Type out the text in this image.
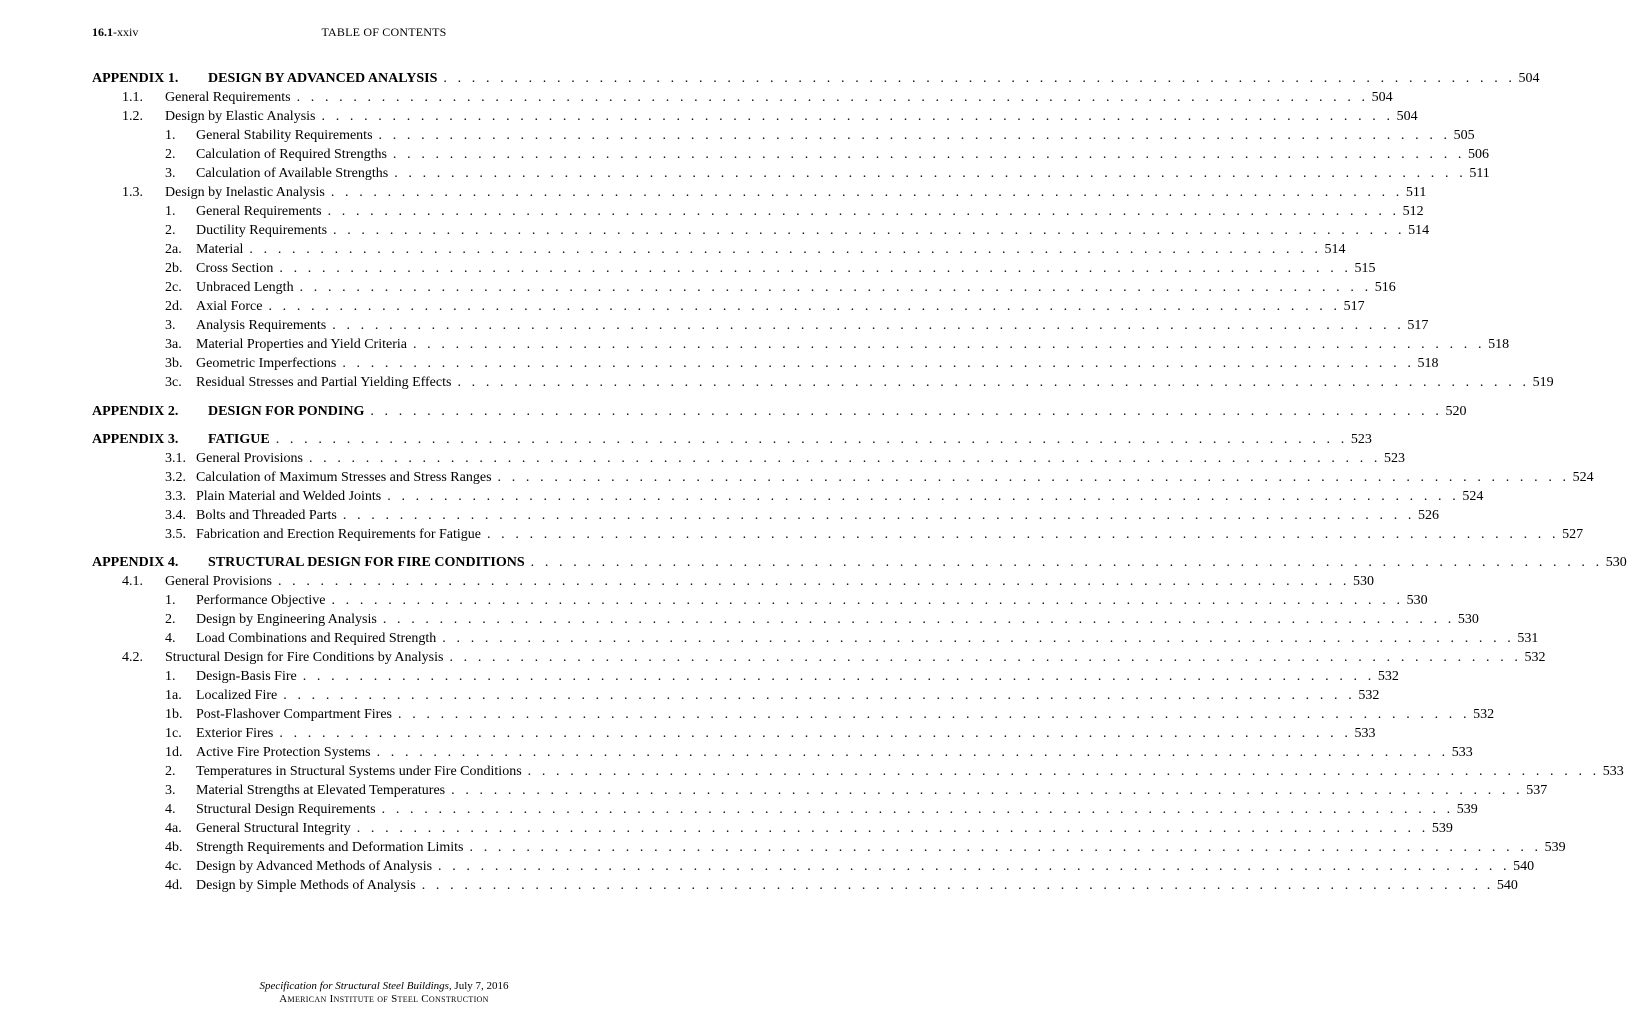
16.1-xxiv	TABLE OF CONTENTS
APPENDIX 1. DESIGN BY ADVANCED ANALYSIS . . . . . . . . . . . . . . . . . . . . . . . . . . . . . . . . . . . . . . . . . . . . . . . . . . . . . . . . . . . . . . . . . . . . . . . . . . . . 504
1.1. General Requirements . . . . . . . . . . . . . . . . . . . . . . . . . . . . . . . . . . . . . . . . . . . . . . . . . . . . . . . . . . . . . . . . . . . . . . . . . . . . 504
1.2. Design by Elastic Analysis . . . . . . . . . . . . . . . . . . . . . . . . . . . . . . . . . . . . . . . . . . . . . . . . . . . . . . . . . . . . . . . . . . . . . . . . . . . . 504
1. General Stability Requirements . . . . . . . . . . . . . . . . . . . . . . . . . . . . . . . . . . . . . . . . . . . . . . . . . . . . . . . . . . . . . . . . . . . . . . . . . . . . 505
2. Calculation of Required Strengths . . . . . . . . . . . . . . . . . . . . . . . . . . . . . . . . . . . . . . . . . . . . . . . . . . . . . . . . . . . . . . . . . . . . . . . . . . . . 506
3. Calculation of Available Strengths . . . . . . . . . . . . . . . . . . . . . . . . . . . . . . . . . . . . . . . . . . . . . . . . . . . . . . . . . . . . . . . . . . . . . . . . . . . . 511
1.3. Design by Inelastic Analysis . . . . . . . . . . . . . . . . . . . . . . . . . . . . . . . . . . . . . . . . . . . . . . . . . . . . . . . . . . . . . . . . . . . . . . . . . . . . 511
1. General Requirements . . . . . . . . . . . . . . . . . . . . . . . . . . . . . . . . . . . . . . . . . . . . . . . . . . . . . . . . . . . . . . . . . . . . . . . . . . . . 512
2. Ductility Requirements . . . . . . . . . . . . . . . . . . . . . . . . . . . . . . . . . . . . . . . . . . . . . . . . . . . . . . . . . . . . . . . . . . . . . . . . . . . . 514
2a. Material . . . . . . . . . . . . . . . . . . . . . . . . . . . . . . . . . . . . . . . . . . . . . . . . . . . . . . . . . . . . . . . . . . . . . . . . . . . . 514
2b. Cross Section . . . . . . . . . . . . . . . . . . . . . . . . . . . . . . . . . . . . . . . . . . . . . . . . . . . . . . . . . . . . . . . . . . . . . . . . . . . . 515
2c. Unbraced Length . . . . . . . . . . . . . . . . . . . . . . . . . . . . . . . . . . . . . . . . . . . . . . . . . . . . . . . . . . . . . . . . . . . . . . . . . . . . 516
2d. Axial Force . . . . . . . . . . . . . . . . . . . . . . . . . . . . . . . . . . . . . . . . . . . . . . . . . . . . . . . . . . . . . . . . . . . . . . . . . . . . 517
3. Analysis Requirements . . . . . . . . . . . . . . . . . . . . . . . . . . . . . . . . . . . . . . . . . . . . . . . . . . . . . . . . . . . . . . . . . . . . . . . . . . . . 517
3a. Material Properties and Yield Criteria . . . . . . . . . . . . . . . . . . . . . . . . . . . . . . . . . . . . . . . . . . . . . . . . . . . . . . . . . . . . . . . . . . . . . . . . . . . . 518
3b. Geometric Imperfections . . . . . . . . . . . . . . . . . . . . . . . . . . . . . . . . . . . . . . . . . . . . . . . . . . . . . . . . . . . . . . . . . . . . . . . . . . . . 518
3c. Residual Stresses and Partial Yielding Effects . . . . . . . . . . . . . . . . . . . . . . . . . . . . . . . . . . . . . . . . . . . . . . . . . . . . . . . . . . . . . . . . . . . . . . . . . . . . 519
APPENDIX 2. DESIGN FOR PONDING . . . . . . . . . . . . . . . . . . . . . . . . . . . . . . . . . . . . . . . . . . . . . . . . . . . . . . . . . . . . . . . . . . . . . . . . . . . . 520
APPENDIX 3. FATIGUE . . . . . . . . . . . . . . . . . . . . . . . . . . . . . . . . . . . . . . . . . . . . . . . . . . . . . . . . . . . . . . . . . . . . . . . . . . . . 523
3.1. General Provisions . . . . . . . . . . . . . . . . . . . . . . . . . . . . . . . . . . . . . . . . . . . . . . . . . . . . . . . . . . . . . . . . . . . . . . . . . . . . 523
3.2. Calculation of Maximum Stresses and Stress Ranges . . . . . . . . . . . . . . . . . . . . . . . . . . . . . . . . . . . . . . . . . . . . . . . . . . . . . . . . . . . . . . . . . . . . . . . . . . . . 524
3.3. Plain Material and Welded Joints . . . . . . . . . . . . . . . . . . . . . . . . . . . . . . . . . . . . . . . . . . . . . . . . . . . . . . . . . . . . . . . . . . . . . . . . . . . . 524
3.4. Bolts and Threaded Parts . . . . . . . . . . . . . . . . . . . . . . . . . . . . . . . . . . . . . . . . . . . . . . . . . . . . . . . . . . . . . . . . . . . . . . . . . . . . 526
3.5. Fabrication and Erection Requirements for Fatigue . . . . . . . . . . . . . . . . . . . . . . . . . . . . . . . . . . . . . . . . . . . . . . . . . . . . . . . . . . . . . . . . . . . . . . . . . . . . 527
APPENDIX 4. STRUCTURAL DESIGN FOR FIRE CONDITIONS . . . . . . . . . . . . . . . . . . . . . . . . . . . . . . . . . . . . . . . . . . . . . . . . . . . . . . . . . . . . . . . . . . . . . . . . . . . . 530
4.1. General Provisions . . . . . . . . . . . . . . . . . . . . . . . . . . . . . . . . . . . . . . . . . . . . . . . . . . . . . . . . . . . . . . . . . . . . . . . . . . . . 530
1. Performance Objective . . . . . . . . . . . . . . . . . . . . . . . . . . . . . . . . . . . . . . . . . . . . . . . . . . . . . . . . . . . . . . . . . . . . . . . . . . . . 530
2. Design by Engineering Analysis . . . . . . . . . . . . . . . . . . . . . . . . . . . . . . . . . . . . . . . . . . . . . . . . . . . . . . . . . . . . . . . . . . . . . . . . . . . . 530
4. Load Combinations and Required Strength . . . . . . . . . . . . . . . . . . . . . . . . . . . . . . . . . . . . . . . . . . . . . . . . . . . . . . . . . . . . . . . . . . . . . . . . . . . . 531
4.2. Structural Design for Fire Conditions by Analysis . . . . . . . . . . . . . . . . . . . . . . . . . . . . . . . . . . . . . . . . . . . . . . . . . . . . . . . . . . . . . . . . . . . . . . . . . . . . 532
1. Design-Basis Fire . . . . . . . . . . . . . . . . . . . . . . . . . . . . . . . . . . . . . . . . . . . . . . . . . . . . . . . . . . . . . . . . . . . . . . . . . . . . 532
1a. Localized Fire . . . . . . . . . . . . . . . . . . . . . . . . . . . . . . . . . . . . . . . . . . . . . . . . . . . . . . . . . . . . . . . . . . . . . . . . . . . . 532
1b. Post-Flashover Compartment Fires . . . . . . . . . . . . . . . . . . . . . . . . . . . . . . . . . . . . . . . . . . . . . . . . . . . . . . . . . . . . . . . . . . . . . . . . . . . . 532
1c. Exterior Fires . . . . . . . . . . . . . . . . . . . . . . . . . . . . . . . . . . . . . . . . . . . . . . . . . . . . . . . . . . . . . . . . . . . . . . . . . . . . 533
1d. Active Fire Protection Systems . . . . . . . . . . . . . . . . . . . . . . . . . . . . . . . . . . . . . . . . . . . . . . . . . . . . . . . . . . . . . . . . . . . . . . . . . . . . 533
2. Temperatures in Structural Systems under Fire Conditions . . . . . . . . . . . . . . . . . . . . . . . . . . . . . . . . . . . . . . . . . . . . . . . . . . . . . . . . . . . . . . . . . . . . . . . . . . . . 533
3. Material Strengths at Elevated Temperatures . . . . . . . . . . . . . . . . . . . . . . . . . . . . . . . . . . . . . . . . . . . . . . . . . . . . . . . . . . . . . . . . . . . . . . . . . . . . 537
4. Structural Design Requirements . . . . . . . . . . . . . . . . . . . . . . . . . . . . . . . . . . . . . . . . . . . . . . . . . . . . . . . . . . . . . . . . . . . . . . . . . . . . 539
4a. General Structural Integrity . . . . . . . . . . . . . . . . . . . . . . . . . . . . . . . . . . . . . . . . . . . . . . . . . . . . . . . . . . . . . . . . . . . . . . . . . . . . 539
4b. Strength Requirements and Deformation Limits . . . . . . . . . . . . . . . . . . . . . . . . . . . . . . . . . . . . . . . . . . . . . . . . . . . . . . . . . . . . . . . . . . . . . . . . . . . . 539
4c. Design by Advanced Methods of Analysis . . . . . . . . . . . . . . . . . . . . . . . . . . . . . . . . . . . . . . . . . . . . . . . . . . . . . . . . . . . . . . . . . . . . . . . . . . . . 540
4d. Design by Simple Methods of Analysis . . . . . . . . . . . . . . . . . . . . . . . . . . . . . . . . . . . . . . . . . . . . . . . . . . . . . . . . . . . . . . . . . . . . . . . . . . . . 540
Specification for Structural Steel Buildings, July 7, 2016
American Institute of Steel Construction
